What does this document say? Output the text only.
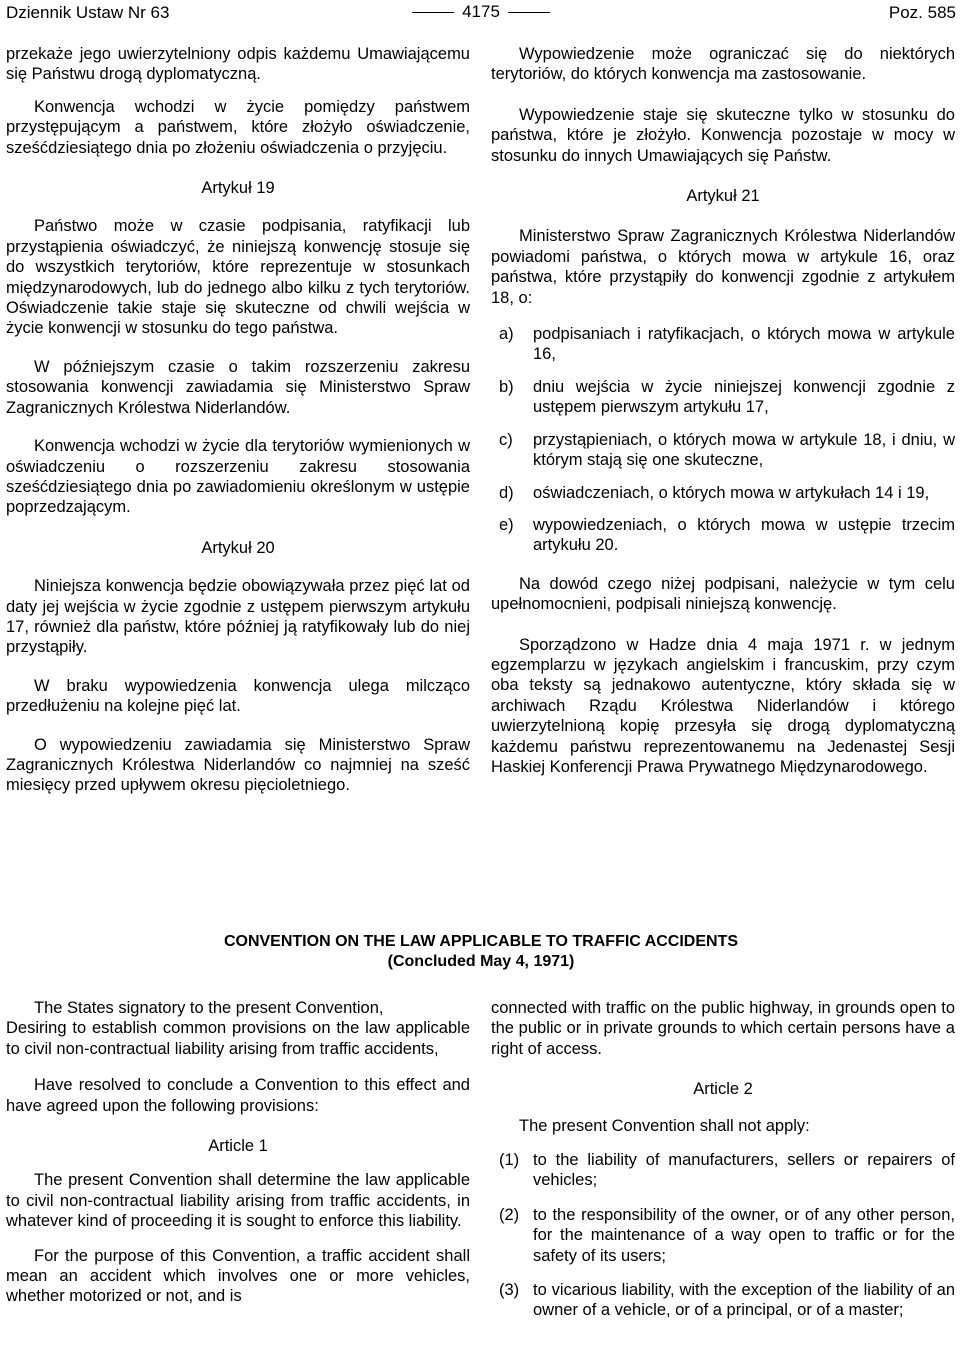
Dziennik Ustaw Nr 63	4175	Poz. 585

przekaże jego uwierzytelniony odpis każdemu Umawiającemu się Państwu drogą dyplomatyczną.

Konwencja wchodzi w życie pomiędzy państwem przystępującym a państwem, które złożyło oświadczenie, sześćdziesiątego dnia po złożeniu oświadczenia o przyjęciu.

Artykuł 19

Państwo może w czasie podpisania, ratyfikacji lub przystąpienia oświadczyć, że niniejszą konwencję stosuje się do wszystkich terytoriów, które reprezentuje w stosunkach międzynarodowych, lub do jednego albo kilku z tych terytoriów. Oświadczenie takie staje się skuteczne od chwili wejścia w życie konwencji w stosunku do tego państwa.

W późniejszym czasie o takim rozszerzeniu zakresu stosowania konwencji zawiadamia się Ministerstwo Spraw Zagranicznych Królestwa Niderlandów.

Konwencja wchodzi w życie dla terytoriów wymienionych w oświadczeniu o rozszerzeniu zakresu stosowania sześćdziesiątego dnia po zawiadomieniu określonym w ustępie poprzedzającym.

Artykuł 20

Niniejsza konwencja będzie obowiązywała przez pięć lat od daty jej wejścia w życie zgodnie z ustępem pierwszym artykułu 17, również dla państw, które później ją ratyfikowały lub do niej przystąpiły.

W braku wypowiedzenia konwencja ulega milcząco przedłużeniu na kolejne pięć lat.

O wypowiedzeniu zawiadamia się Ministerstwo Spraw Zagranicznych Królestwa Niderlandów co najmniej na sześć miesięcy przed upływem okresu pięcioletniego.

Wypowiedzenie może ograniczać się do niektórych terytoriów, do których konwencja ma zastosowanie.

Wypowiedzenie staje się skuteczne tylko w stosunku do państwa, które je złożyło. Konwencja pozostaje w mocy w stosunku do innych Umawiających się Państw.

Artykuł 21

Ministerstwo Spraw Zagranicznych Królestwa Niderlandów powiadomi państwa, o których mowa w artykule 16, oraz państwa, które przystąpiły do konwencji zgodnie z artykułem 18, o:

a)	podpisaniach i ratyfikacjach, o których mowa w artykule 16,
b)	dniu wejścia w życie niniejszej konwencji zgodnie z ustępem pierwszym artykułu 17,
c)	przystąpieniach, o których mowa w artykule 18, i dniu, w którym stają się one skuteczne,
d)	oświadczeniach, o których mowa w artykułach 14 i 19,
e)	wypowiedzeniach, o których mowa w ustępie trzecim artykułu 20.

Na dowód czego niżej podpisani, należycie w tym celu upełnomocnieni, podpisali niniejszą konwencję.

Sporządzono w Hadze dnia 4 maja 1971 r. w jednym egzemplarzu w językach angielskim i francuskim, przy czym oba teksty są jednakowo autentyczne, który składa się w archiwach Rządu Królestwa Niderlandów i którego uwierzytelnioną kopię przesyła się drogą dyplomatyczną każdemu państwu reprezentowanemu na Jedenastej Sesji Haskiej Konferencji Prawa Prywatnego Międzynarodowego.

CONVENTION ON THE LAW APPLICABLE TO TRAFFIC ACCIDENTS
(Concluded May 4, 1971)

The States signatory to the present Convention,

Desiring to establish common provisions on the law applicable to civil non-contractual liability arising from traffic accidents,

Have resolved to conclude a Convention to this effect and have agreed upon the following provisions:

Article 1

The present Convention shall determine the law applicable to civil non-contractual liability arising from traffic accidents, in whatever kind of proceeding it is sought to enforce this liability.

For the purpose of this Convention, a traffic accident shall mean an accident which involves one or more vehicles, whether motorized or not, and is

connected with traffic on the public highway, in grounds open to the public or in private grounds to which certain persons have a right of access.

Article 2

The present Convention shall not apply:

(1) to the liability of manufacturers, sellers or repairers of vehicles;
(2) to the responsibility of the owner, or of any other person, for the maintenance of a way open to traffic or for the safety of its users;
(3) to vicarious liability, with the exception of the liability of an owner of a vehicle, or of a principal, or of a master;
